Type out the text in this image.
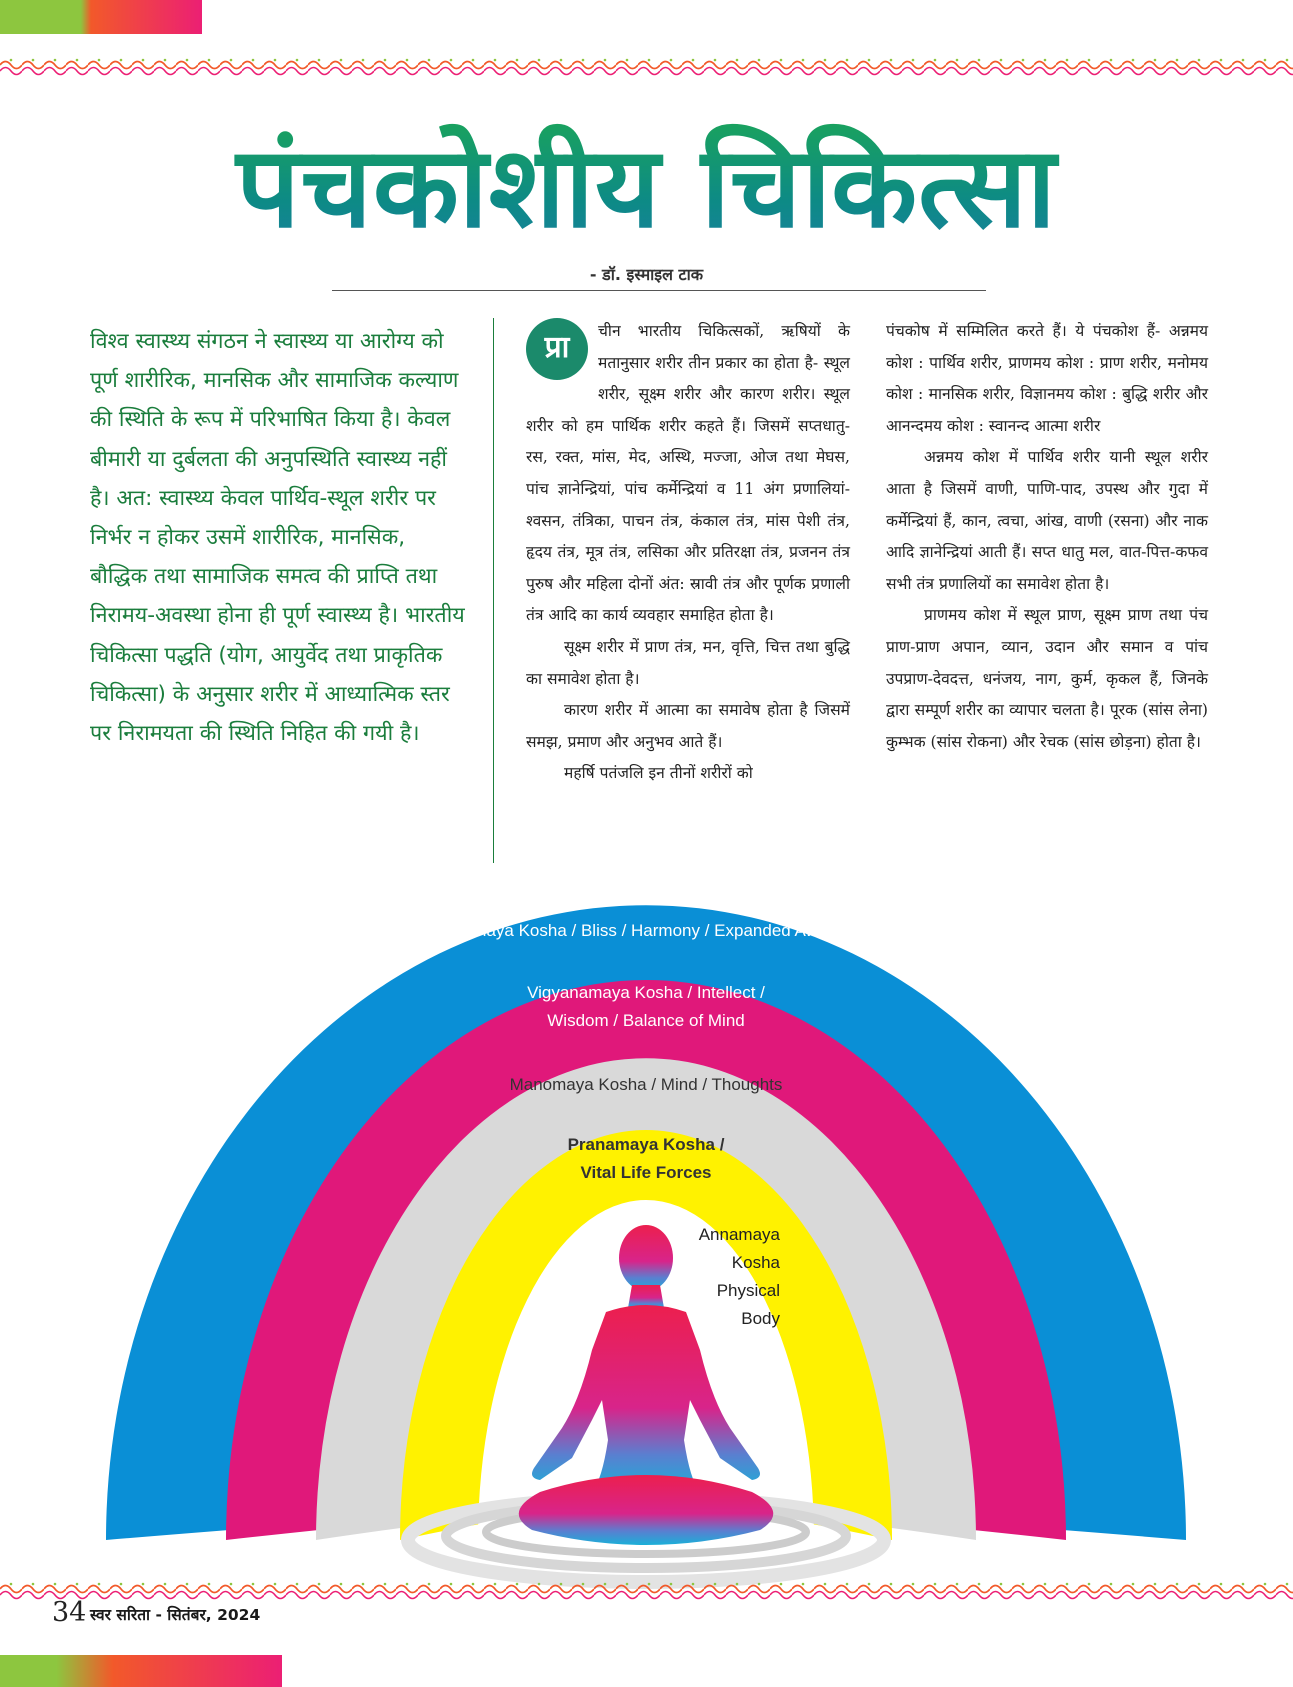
पंचकोशीय चिकित्सा
- डॉ. इस्माइल टाक
विश्व स्वास्थ्य संगठन ने स्वास्थ्य या आरोग्य को पूर्ण शारीरिक, मानसिक और सामाजिक कल्याण की स्थिति के रूप में परिभाषित किया है। केवल बीमारी या दुर्बलता की अनुपस्थिति स्वास्थ्य नहीं है। अत: स्वास्थ्य केवल पार्थिव-स्थूल शरीर पर निर्भर न होकर उसमें शारीरिक, मानसिक, बौद्धिक तथा सामाजिक समत्व की प्राप्ति तथा निरामय-अवस्था होना ही पूर्ण स्वास्थ्य है। भारतीय चिकित्सा पद्धति (योग, आयुर्वेद तथा प्राकृतिक चिकित्सा) के अनुसार शरीर में आध्यात्मिक स्तर पर निरामयता की स्थिति निहित की गयी है।
प्रा	चीन भारतीय चिकित्सकों, ऋषियों के मतानुसार शरीर तीन प्रकार का होता है- स्थूल शरीर, सूक्ष्म शरीर और कारण शरीर। स्थूल शरीर को हम पार्थिक शरीर कहते हैं। जिसमें सप्तधातु- रस, रक्त, मांस, मेद, अस्थि, मज्जा, ओज तथा मेघस, पांच ज्ञानेन्द्रियां, पांच कर्मेन्द्रियां व 11 अंग प्रणालियां- श्वसन, तंत्रिका, पाचन तंत्र, कंकाल तंत्र, मांस पेशी तंत्र, हृदय तंत्र, मूत्र तंत्र, लसिका और प्रतिरक्षा तंत्र, प्रजनन तंत्र पुरुष और महिला दोनों अंत: स्रावी तंत्र और पूर्णक प्रणाली तंत्र आदि का कार्य व्यवहार समाहित होता है।

सूक्ष्म शरीर में प्राण तंत्र, मन, वृत्ति, चित्त तथा बुद्धि का समावेश होता है।

कारण शरीर में आत्मा का समावेष होता है जिसमें समझ, प्रमाण और अनुभव आते हैं।

महर्षि पतंजलि इन तीनों शरीरों को

पंचकोष में सम्मिलित करते हैं। ये पंचकोश हैं- अन्नमय कोश : पार्थिव शरीर, प्राणमय कोश : प्राण शरीर, मनोमय कोश : मानसिक शरीर, विज्ञानमय कोश : बुद्धि शरीर और आनन्दमय कोश : स्वानन्द आत्मा शरीर

अन्नमय कोश में पार्थिव शरीर यानी स्थूल शरीर आता है जिसमें वाणी, पाणि-पाद, उपस्थ और गुदा में कर्मेन्द्रियां हैं, कान, त्वचा, आंख, वाणी (रसना) और नाक आदि ज्ञानेन्द्रियां आती हैं। सप्त धातु मल, वात-पित्त-कफव सभी तंत्र प्रणालियों का समावेश होता है।

प्राणमय कोश में स्थूल प्राण, सूक्ष्म प्राण तथा पंच प्राण-प्राण अपान, व्यान, उदान और समान व पांच उपप्राण-देवदत्त, धनंजय, नाग, कुर्म, कृकल हैं, जिनके द्वारा सम्पूर्ण शरीर का व्यापार चलता है। पूरक (सांस लेना) कुम्भक (सांस रोकना) और रेचक (सांस छोड़ना) होता है।

Anandamaya Kosha / Bliss / Harmony / Expanded Awareness
Vigyanamaya Kosha / Intellect / Wisdom / Balance of Mind
Manomaya Kosha / Mind / Thoughts
Pranamaya Kosha / Vital Life Forces
Annamaya Kosha Physical Body
34 स्वर सरिता - सितंबर, 2024
